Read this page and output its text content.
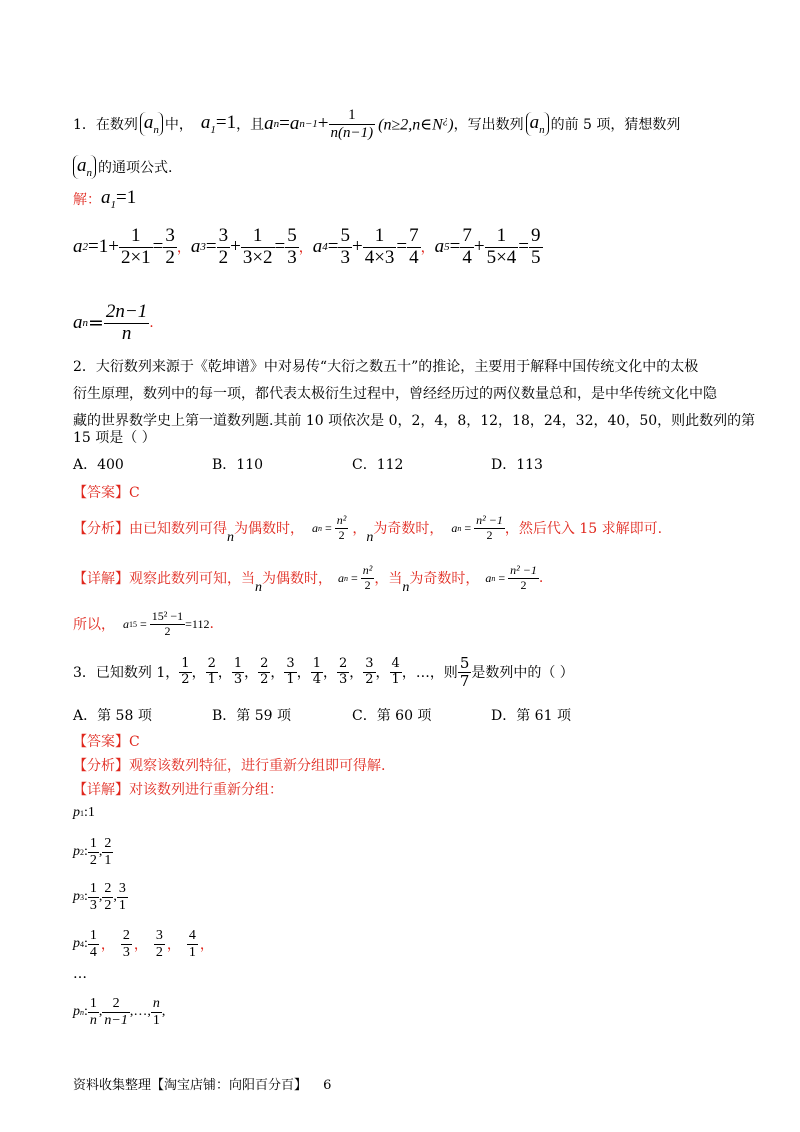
1． 在数列 $a_n$ 中， $a_1=1$ ，且 a n = a $n-1 + \frac{1}{n(n-1)}$ (n≥2,n∈N¿) ，写出数列 $a_n$ 的前 5 项，猜想数列
$a_n$ 的通项公式.
解： $a_1=1$
a $2 =1+ \frac{1}{2\times 1} = \frac{3}{2}$ ， a $3 = \frac{3}{2} + \frac{1}{3\times 2} = \frac{5}{3}$ ， a $4 = \frac{5}{3} + \frac{1}{4\times 3} = \frac{7}{4}$ ， a $5 = \frac{7}{4} + \frac{1}{5\times 4} = \frac{9}{5}$
a $n = \frac{2n-1}{n}$ .
2．大衍数列来源于《乾坤谱》中对易传“大衍之数五十”的推论，主要用于解释中国传统文化中的太极
衍生原理，数列中的每一项，都代表太极衍生过程中，曾经经历过的两仪数量总和，是中华传统文化中隐
藏的世界数学史上第一道数列题.其前 10 项依次是 0，2，4，8，12，18，24，32，40，50，则此数列的第
15 项是（ ）
A．400	B．110	C．112	D．113
【答案】C
【分析】 由已知数列可得
n
为偶数时， a $n = \frac{\text{n²}}{2}$ ，
n
为奇数时， a $n = \frac{\text{n² −1}}{2}$ ，然后代入 15 求解即可.
【详解】 观察此数列可知，当
n
为偶数时， a $n = \frac{\text{n²}}{2}$ ，当
n
为奇数时， a $n = \frac{\text{n² −1}}{2}$ .
所以， a $15 = \frac{\text{15² −1}}{2} =112$ .
3． 已知数列 1， $\frac{1}{2}$ ， $\frac{2}{1}$ ， $\frac{1}{3}$ ， $\frac{2}{2}$ ， $\frac{3}{1}$ ， $\frac{1}{4}$ ， $\frac{2}{3}$ ， $\frac{3}{2}$ ， $\frac{4}{1}$ ， …，则 $\frac{5}{7}$ 是数列中的（ ）
A．第 58 项	B．第 59 项	C．第 60 项	D．第 61 项
【答案】C
【分析】观察该数列特征，进行重新分组即可得解.
【详解】对该数列进行重新分组：
p 1 : 1
p 2 : $\frac{1}{2}$ , $\frac{2}{1}$
p 3 : $\frac{1}{3}$ , $\frac{2}{2}$ , $\frac{3}{1}$
p 4 : $\frac{1}{4}$ ， $\frac{2}{3}$ ， $\frac{3}{2}$ ， $\frac{4}{1}$ ，
…
p n : $\frac{1}{n}$ , $\frac{2}{n-1}$ ,…, $\frac{n}{1}$ ,
资料收集整理【淘宝店铺：向阳百分百】 6
